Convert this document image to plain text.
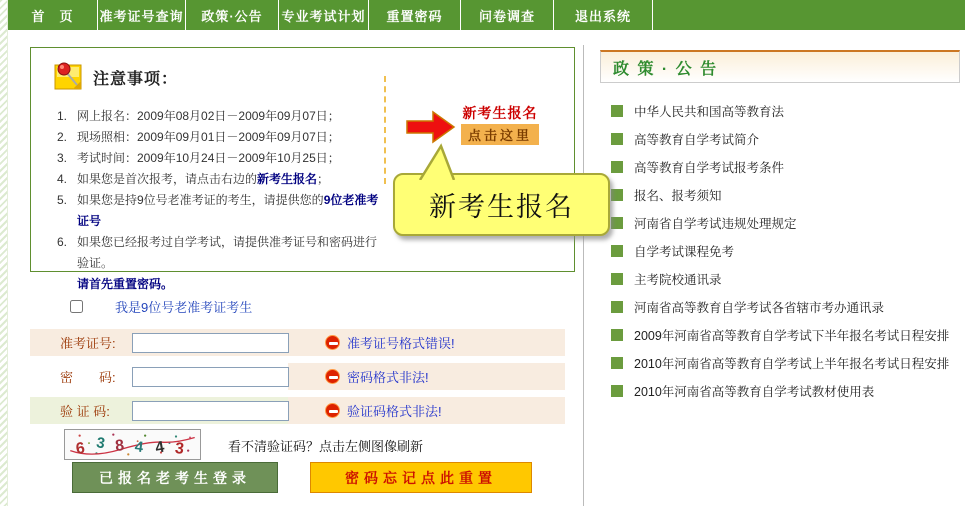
首　页	准考证号查询	政策·公告	专业考试计划	重置密码	问卷调查	退出系统
注意事项：
1. 网上报名：2009年08月02日－2009年09月07日；
2. 现场照相：2009年09月01日－2009年09月07日；
3. 考试时间：2009年10月24日－2009年10月25日；
4. 如果您是首次报考，请点击右边的新考生报名；
5. 如果您是持9位号老准考证的考生，请提供您的9位老准考证号
6. 如果您已经报考过自学考试，请提供准考证号和密码进行验证。
请首先重置密码。
新考生报名
点击这里
新考生报名
我是9位号老准考证考生
准考证号:	准考证号格式错误!
密　　码:	密码格式非法!
验 证 码:	验证码格式非法!
6 3 8 4 4 3	看不清验证码？点击左侧图像刷新
已报名老考生登录	密码忘记点此重置
政 策 · 公 告
中华人民共和国高等教育法
高等教育自学考试简介
高等教育自学考试报考条件
报名、报考须知
河南省自学考试违规处理规定
自学考试课程免考
主考院校通讯录
河南省高等教育自学考试各省辖市考办通讯录
2009年河南省高等教育自学考试下半年报名考试日程安排
2010年河南省高等教育自学考试上半年报名考试日程安排
2010年河南省高等教育自学考试教材使用表
